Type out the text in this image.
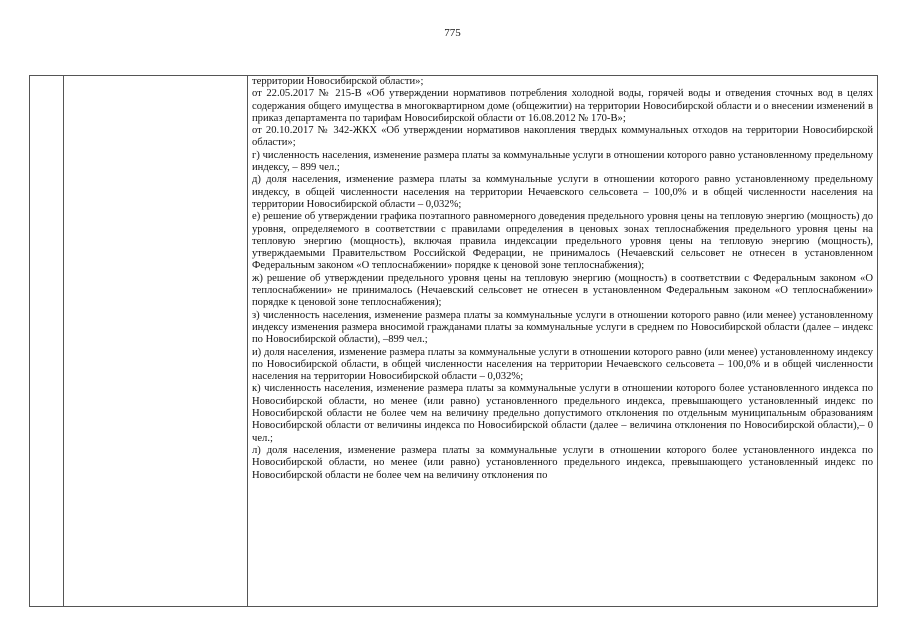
775

территории Новосибирской области»;

от 22.05.2017 № 215-В «Об утверждении нормативов потребления холодной воды, горячей воды и отведения сточных вод в целях содержания общего имущества в многоквартирном доме (общежитии) на территории Новосибирской области и о внесении изменений в приказ департамента по тарифам Новосибирской области от 16.08.2012 № 170-В»;

от 20.10.2017 № 342-ЖКХ «Об утверждении нормативов накопления твердых коммунальных отходов на территории Новосибирской области»;

г) численность населения, изменение размера платы за коммунальные услуги в отношении которого равно установленному предельному индексу, – 899 чел.;

д) доля населения, изменение размера платы за коммунальные услуги в отношении которого равно установленному предельному индексу, в общей численности населения на территории Нечаевского сельсовета – 100,0% и в общей численности населения на территории Новосибирской области – 0,032%;

е) решение об утверждении графика поэтапного равномерного доведения предельного уровня цены на тепловую энергию (мощность) до уровня, определяемого в соответствии с правилами определения в ценовых зонах теплоснабжения предельного уровня цены на тепловую энергию (мощность), включая правила индексации предельного уровня цены на тепловую энергию (мощность), утверждаемыми Правительством Российской Федерации, не принималось (Нечаевский сельсовет не отнесен в установленном Федеральным законом «О теплоснабжении» порядке к ценовой зоне теплоснабжения);

ж) решение об утверждении предельного уровня цены на тепловую энергию (мощность) в соответствии с Федеральным законом «О теплоснабжении» не принималось (Нечаевский сельсовет не отнесен в установленном Федеральным законом «О теплоснабжении» порядке к ценовой зоне теплоснабжения);

з) численность населения, изменение размера платы за коммунальные услуги в отношении которого равно (или менее) установленному индексу изменения размера вносимой гражданами платы за коммунальные услуги в среднем по Новосибирской области (далее – индекс по Новосибирской области), –899 чел.;

и) доля населения, изменение размера платы за коммунальные услуги в отношении которого равно (или менее) установленному индексу по Новосибирской области, в общей численности населения на территории Нечаевского сельсовета – 100,0% и в общей численности населения на территории Новосибирской области – 0,032%;

к) численность населения, изменение размера платы за коммунальные услуги в отношении которого более установленного индекса по Новосибирской области, но менее (или равно) установленного предельного индекса, превышающего установленный индекс по Новосибирской области не более чем на величину предельно допустимого отклонения по отдельным муниципальным образованиям Новосибирской области от величины индекса по Новосибирской области (далее – величина отклонения по Новосибирской области),– 0 чел.;

л) доля населения, изменение размера платы за коммунальные услуги в отношении которого более установленного индекса по Новосибирской области, но менее (или равно) установленного предельного индекса, превышающего установленный индекс по Новосибирской области не более чем на величину отклонения по
